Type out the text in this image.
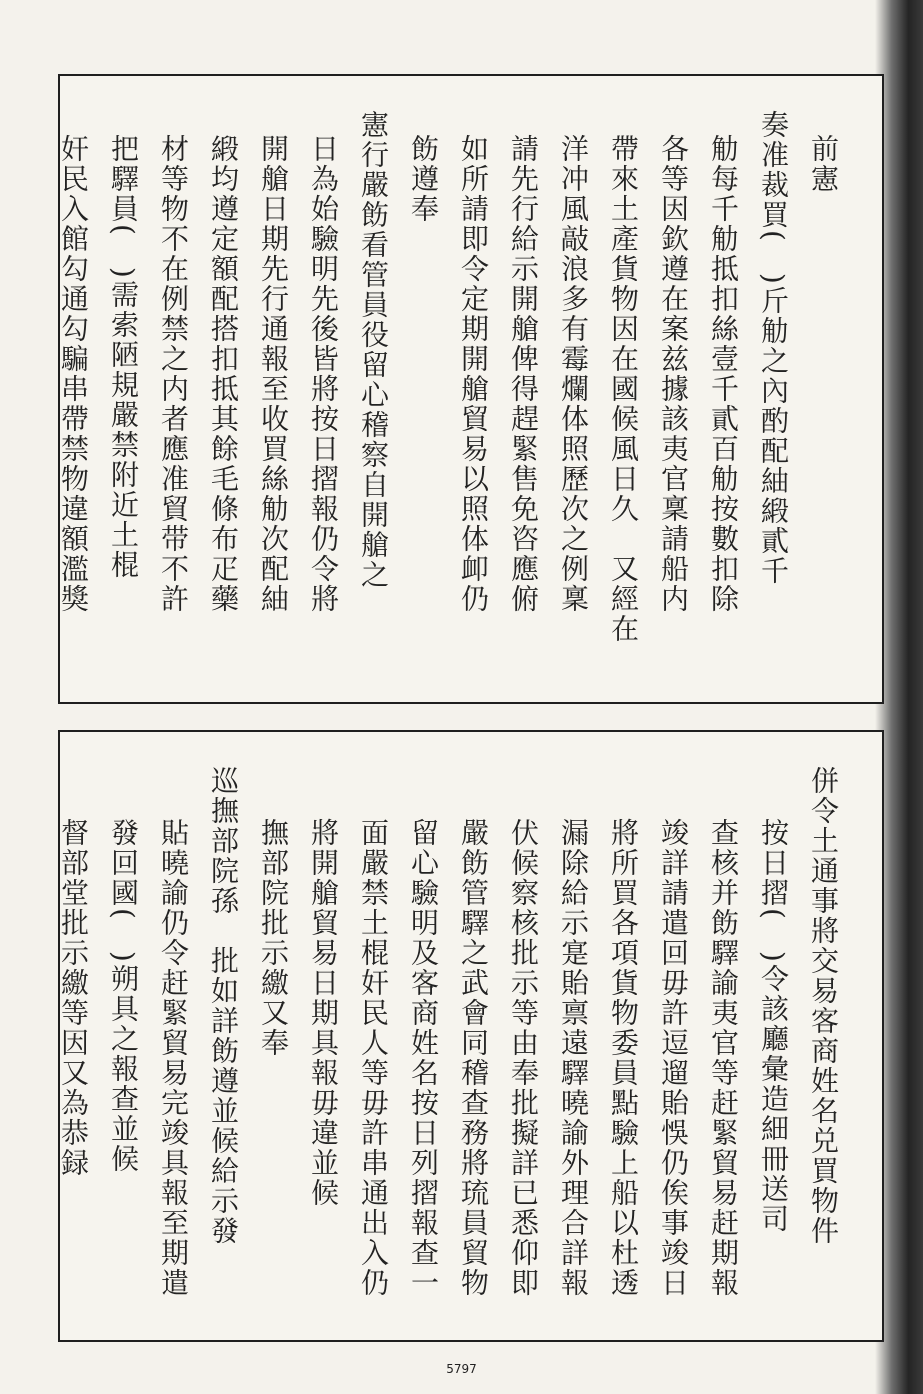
前憲
奏准裁買(　)斤觔之內酌配紬緞貳千
觔每千觔抵扣絲壹千貳百觔按數扣除
各等因欽遵在案兹據該夷官稟請船内
帶來土產貨物因在國候風日久　又經在
洋冲風敲浪多有霉爛体照歷次之例稟
請先行給示開艙俾得趕緊售免咨應俯
如所請即令定期開艙貿易以照体卹仍
飭遵奉
憲行嚴飭看管員役留心稽察自開艙之
日為始驗明先後皆將按日摺報仍令將
開艙日期先行通報至收買絲觔次配紬
緞均遵定額配搭扣抵其餘毛條布疋藥
材等物不在例禁之内者應准貿带不許
把驛員(　)需索陋規嚴禁附近土棍
奸民入館勾通勾騙串帶禁物違額濫獎
併令土通事將交易客商姓名兑買物件
按日摺(　)令該廳彙造細冊送司
查核并飭驛諭夷官等赶緊貿易赶期報
竣詳請遣回毋許逗遛貽悞仍俟事竣日
將所買各項貨物委員點驗上船以杜透
漏除給示寔貽禀遠驛曉諭外理合詳報
伏候察核批示等由奉批擬詳已悉仰即
嚴飭管驛之武會同稽查務將琉員貿物
留心驗明及客商姓名按日列摺報查一
面嚴禁土棍奸民人等毋許串通出入仍
將開艙貿易日期具報毋違並候
撫部院批示繳又奉
巡撫部院孫　批如詳飭遵並候給示發
貼曉諭仍令赶緊貿易完竣具報至期遣
發回國(　)朔具之報查並候
督部堂批示繳等因又為恭録
5797
